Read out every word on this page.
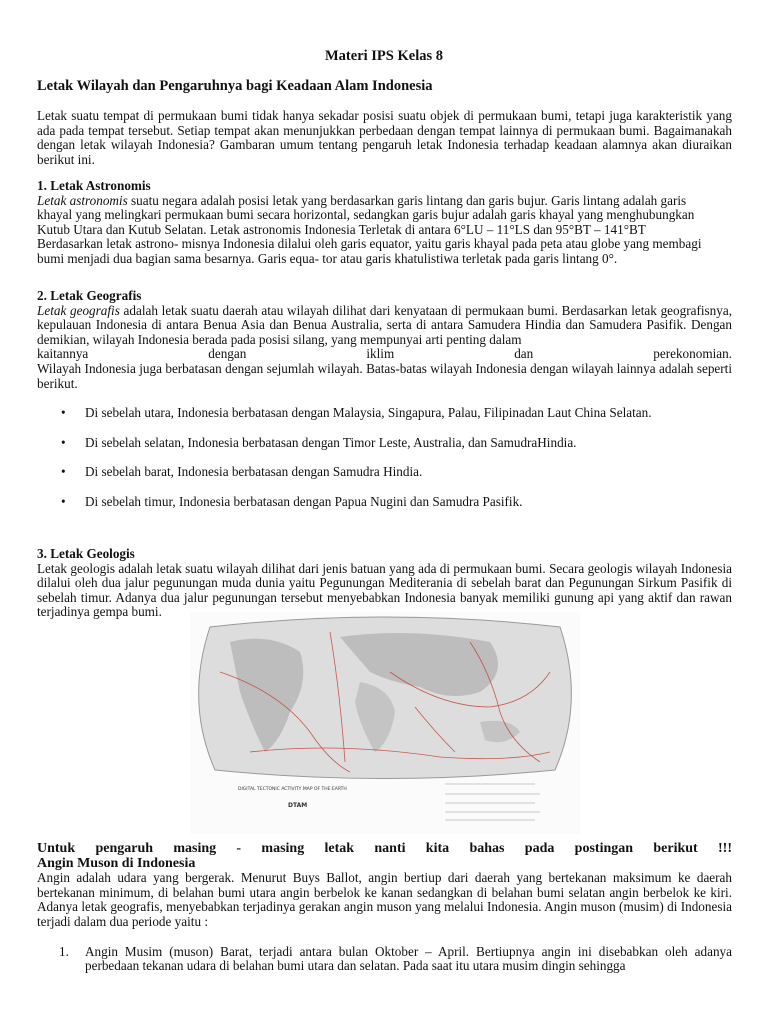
Materi IPS Kelas 8
Letak Wilayah dan Pengaruhnya bagi Keadaan Alam Indonesia

Letak suatu tempat di permukaan bumi tidak hanya sekadar posisi suatu objek di permukaan bumi, tetapi juga karakteristik yang ada pada tempat tersebut. Setiap tempat akan menunjukkan perbedaan dengan tempat lainnya di permukaan bumi. Bagaimanakah dengan letak wilayah Indonesia? Gambaran umum tentang pengaruh letak Indonesia terhadap keadaan alamnya akan diuraikan berikut ini.

1. Letak Astronomis

Letak astronomis suatu negara adalah posisi letak yang berdasarkan garis lintang dan garis bujur. Garis lintang adalah garis khayal yang melingkari permukaan bumi secara horizontal, sedangkan garis bujur adalah garis khayal yang menghubungkan Kutub Utara dan Kutub Selatan. Letak astronomis Indonesia Terletak di antara 6°LU – 11°LS dan 95°BT – 141°BT Berdasarkan letak astrono- misnya Indonesia dilalui oleh garis equator, yaitu garis khayal pada peta atau globe yang membagi bumi menjadi dua bagian sama besarnya. Garis equa- tor atau garis khatulistiwa terletak pada garis lintang 0°.

2. Letak Geografis

Letak geografis adalah letak suatu daerah atau wilayah dilihat dari kenyataan di permukaan bumi. Berdasarkan letak geografisnya, kepulauan Indonesia di antara Benua Asia dan Benua Australia, serta di antara Samudera Hindia dan Samudera Pasifik. Dengan demikian, wilayah Indonesia berada pada posisi silang, yang mempunyai arti penting dalam

kaitannya dengan iklim dan perekonomian.

Wilayah Indonesia juga berbatasan dengan sejumlah wilayah. Batas-batas wilayah Indonesia dengan wilayah lainnya adalah seperti berikut.

• Di sebelah utara, Indonesia berbatasan dengan Malaysia, Singapura, Palau, Filipinadan Laut China Selatan.
• Di sebelah selatan, Indonesia berbatasan dengan Timor Leste, Australia, dan SamudraHindia.
• Di sebelah barat, Indonesia berbatasan dengan Samudra Hindia.
• Di sebelah timur, Indonesia berbatasan dengan Papua Nugini dan Samudra Pasifik.
3. Letak Geologis

Letak geologis adalah letak suatu wilayah dilihat dari jenis batuan yang ada di permukaan bumi. Secara geologis wilayah Indonesia dilalui oleh dua jalur pegunungan muda dunia yaitu Pegunungan Mediterania di sebelah barat dan Pegunungan Sirkum Pasifik di sebelah timur. Adanya dua jalur pegunungan tersebut menyebabkan Indonesia banyak memiliki gunung api yang aktif dan rawan terjadinya gempa bumi.

DIGITAL TECTONIC ACTIVITY MAP OF THE EARTH
DTAM
Untuk pengaruh masing - masing letak nanti kita bahas pada postingan berikut !!!
Angin Muson di Indonesia

Angin adalah udara yang bergerak. Menurut Buys Ballot, angin bertiup dari daerah yang bertekanan maksimum ke daerah bertekanan minimum, di belahan bumi utara angin berbelok ke kanan sedangkan di belahan bumi selatan angin berbelok ke kiri. Adanya letak geografis, menyebabkan terjadinya gerakan angin muson yang melalui Indonesia. Angin muson (musim) di Indonesia terjadi dalam dua periode yaitu :

1.	Angin Musim (muson) Barat, terjadi antara bulan Oktober – April. Bertiupnya angin ini disebabkan oleh adanya perbedaan tekanan udara di belahan bumi utara dan selatan. Pada saat itu utara musim dingin sehingga
